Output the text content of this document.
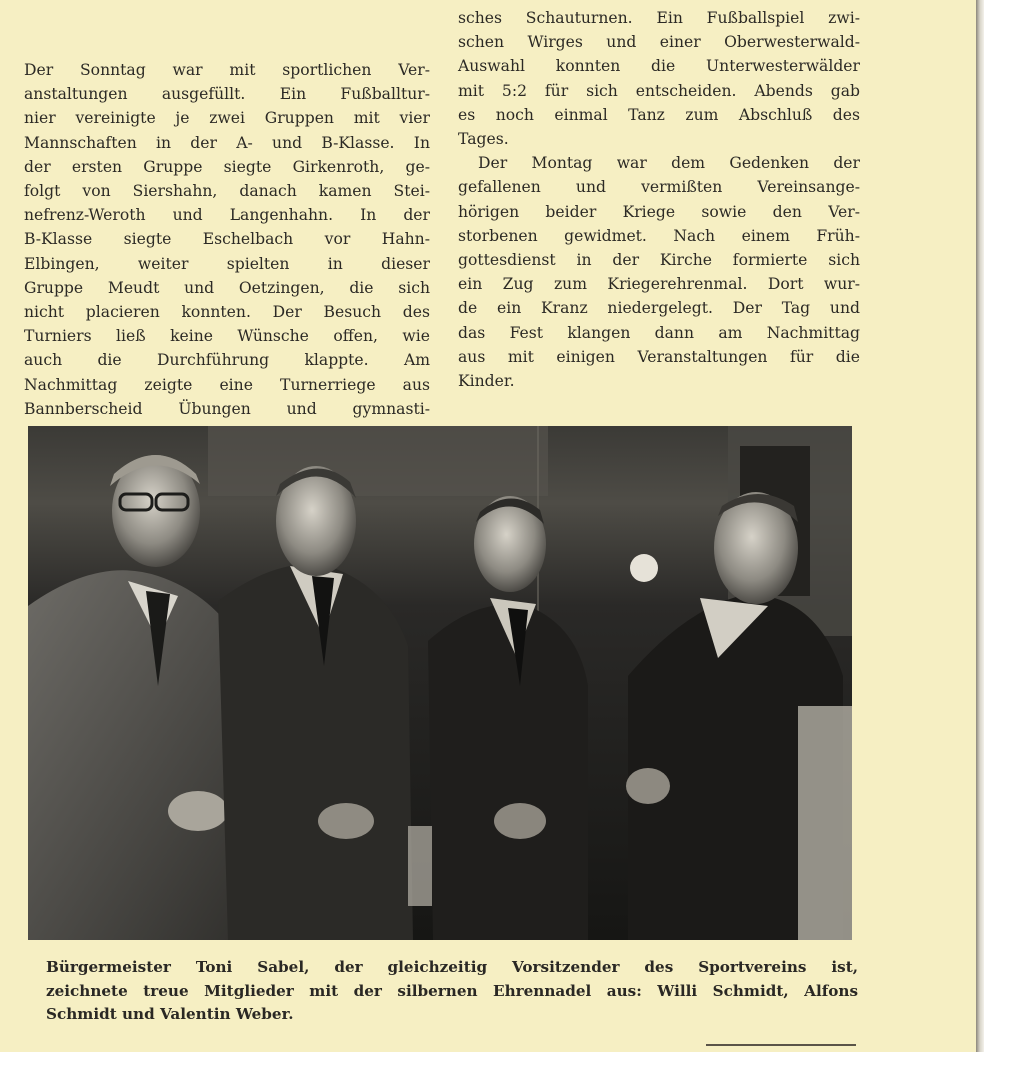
Der Sonntag war mit sportlichen Ver-
anstaltungen ausgefüllt. Ein Fußballtur-
nier vereinigte je zwei Gruppen mit vier
Mannschaften in der A- und B-Klasse. In
der ersten Gruppe siegte Girkenroth, ge-
folgt von Siershahn, danach kamen Stei-
nefrenz-Weroth und Langenhahn. In der
B-Klasse siegte Eschelbach vor Hahn-
Elbingen, weiter spielten in dieser
Gruppe Meudt und Oetzingen, die sich
nicht placieren konnten. Der Besuch des
Turniers ließ keine Wünsche offen, wie
auch die Durchführung klappte. Am
Nachmittag zeigte eine Turnerriege aus
Bannberscheid Übungen und gymnasti-
sches Schauturnen. Ein Fußballspiel zwi-
schen Wirges und einer Oberwesterwald-
Auswahl konnten die Unterwesterwälder
mit 5:2 für sich entscheiden. Abends gab
es noch einmal Tanz zum Abschluß des
Tages.
Der Montag war dem Gedenken der
gefallenen und vermißten Vereinsange-
hörigen beider Kriege sowie den Ver-
storbenen gewidmet. Nach einem Früh-
gottesdienst in der Kirche formierte sich
ein Zug zum Kriegerehrenmal. Dort wur-
de ein Kranz niedergelegt. Der Tag und
das Fest klangen dann am Nachmittag
aus mit einigen Veranstaltungen für die
Kinder.
Bürgermeister Toni Sabel, der gleichzeitig Vorsitzender des Sportvereins ist,
zeichnete treue Mitglieder mit der silbernen Ehrennadel aus: Willi Schmidt, Alfons
Schmidt und Valentin Weber.
